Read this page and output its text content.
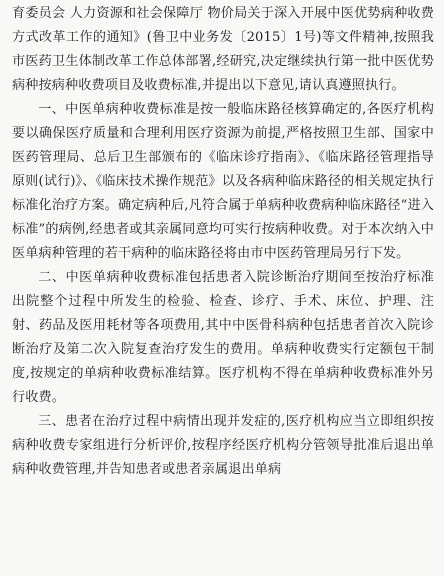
育委员会 人力资源和社会保障厅 物价局关于深入开展中医优势病种收费方式改革工作的通知》(鲁卫中业务发〔2015〕1号)等文件精神,按照我市医药卫生体制改革工作总体部署,经研究,决定继续执行第一批中医优势病种按病种收费项目及收费标准,并提出以下意见,请认真遵照执行。

一、中医单病种收费标准是按一般临床路径核算确定的,各医疗机构要以确保医疗质量和合理利用医疗资源为前提,严格按照卫生部、国家中医药管理局、总后卫生部颁布的《临床诊疗指南》、《临床路径管理指导原则(试行)》、《临床技术操作规范》以及各病种临床路径的相关规定执行标准化治疗方案。确定病种后,凡符合属于单病种收费病种临床路径“进入标准”的病例,经患者或其亲属同意均可实行按病种收费。对于本次纳入中医单病种管理的若干病种的临床路径将由市中医药管理局另行下发。

二、中医单病种收费标准包括患者入院诊断治疗期间至按治疗标准出院整个过程中所发生的检验、检查、诊疗、手术、床位、护理、注射、药品及医用耗材等各项费用,其中中医骨科病种包括患者首次入院诊断治疗及第二次入院复查治疗发生的费用。单病种收费实行定额包干制度,按规定的单病种收费标准结算。医疗机构不得在单病种收费标准外另行收费。

三、患者在治疗过程中病情出现并发症的,医疗机构应当立即组织按病种收费专家组进行分析评价,按程序经医疗机构分管领导批准后退出单病种收费管理,并告知患者或患者亲属退出单病
